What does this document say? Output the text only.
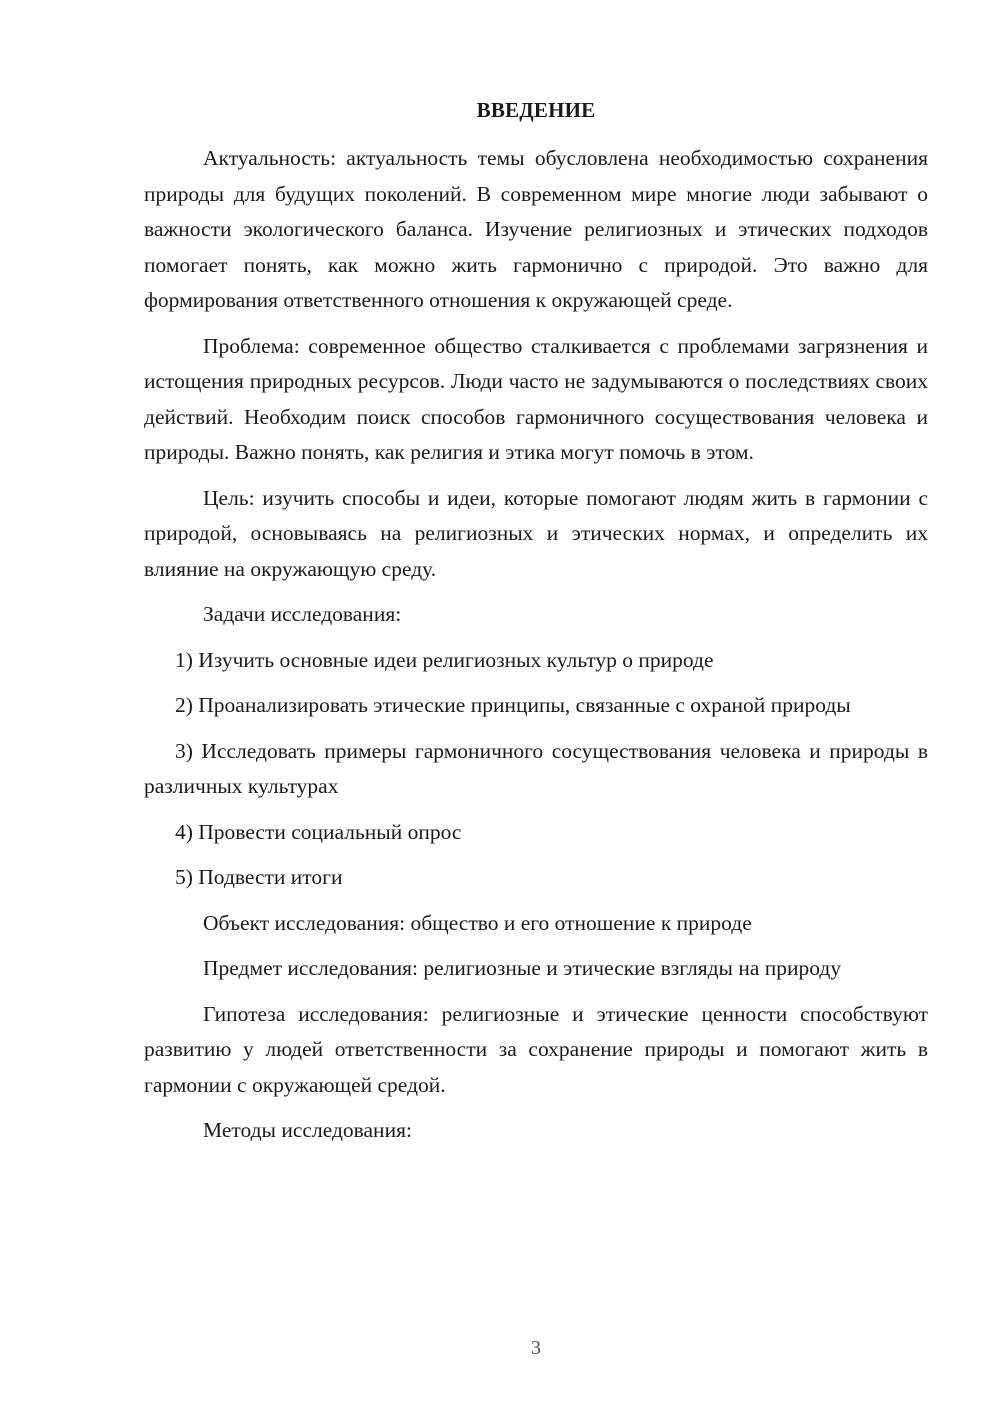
ВВЕДЕНИЕ

Актуальность: актуальность темы обусловлена необходимостью сохранения природы для будущих поколений. В современном мире многие люди забывают о важности экологического баланса. Изучение религиозных и этических подходов помогает понять, как можно жить гармонично с природой. Это важно для формирования ответственного отношения к окружающей среде.

Проблема: современное общество сталкивается с проблемами загрязнения и истощения природных ресурсов. Люди часто не задумываются о последствиях своих действий. Необходим поиск способов гармоничного сосуществования человека и природы. Важно понять, как религия и этика могут помочь в этом.

Цель: изучить способы и идеи, которые помогают людям жить в гармонии с природой, основываясь на религиозных и этических нормах, и определить их влияние на окружающую среду.

Задачи исследования:

1) Изучить основные идеи религиозных культур о природе

2) Проанализировать этические принципы, связанные с охраной природы

3) Исследовать примеры гармоничного сосуществования человека и природы в различных культурах

4) Провести социальный опрос

5) Подвести итоги

Объект исследования: общество и его отношение к природе

Предмет исследования: религиозные и этические взгляды на природу

Гипотеза исследования: религиозные и этические ценности способствуют развитию у людей ответственности за сохранение природы и помогают жить в гармонии с окружающей средой.

Методы исследования:

3
